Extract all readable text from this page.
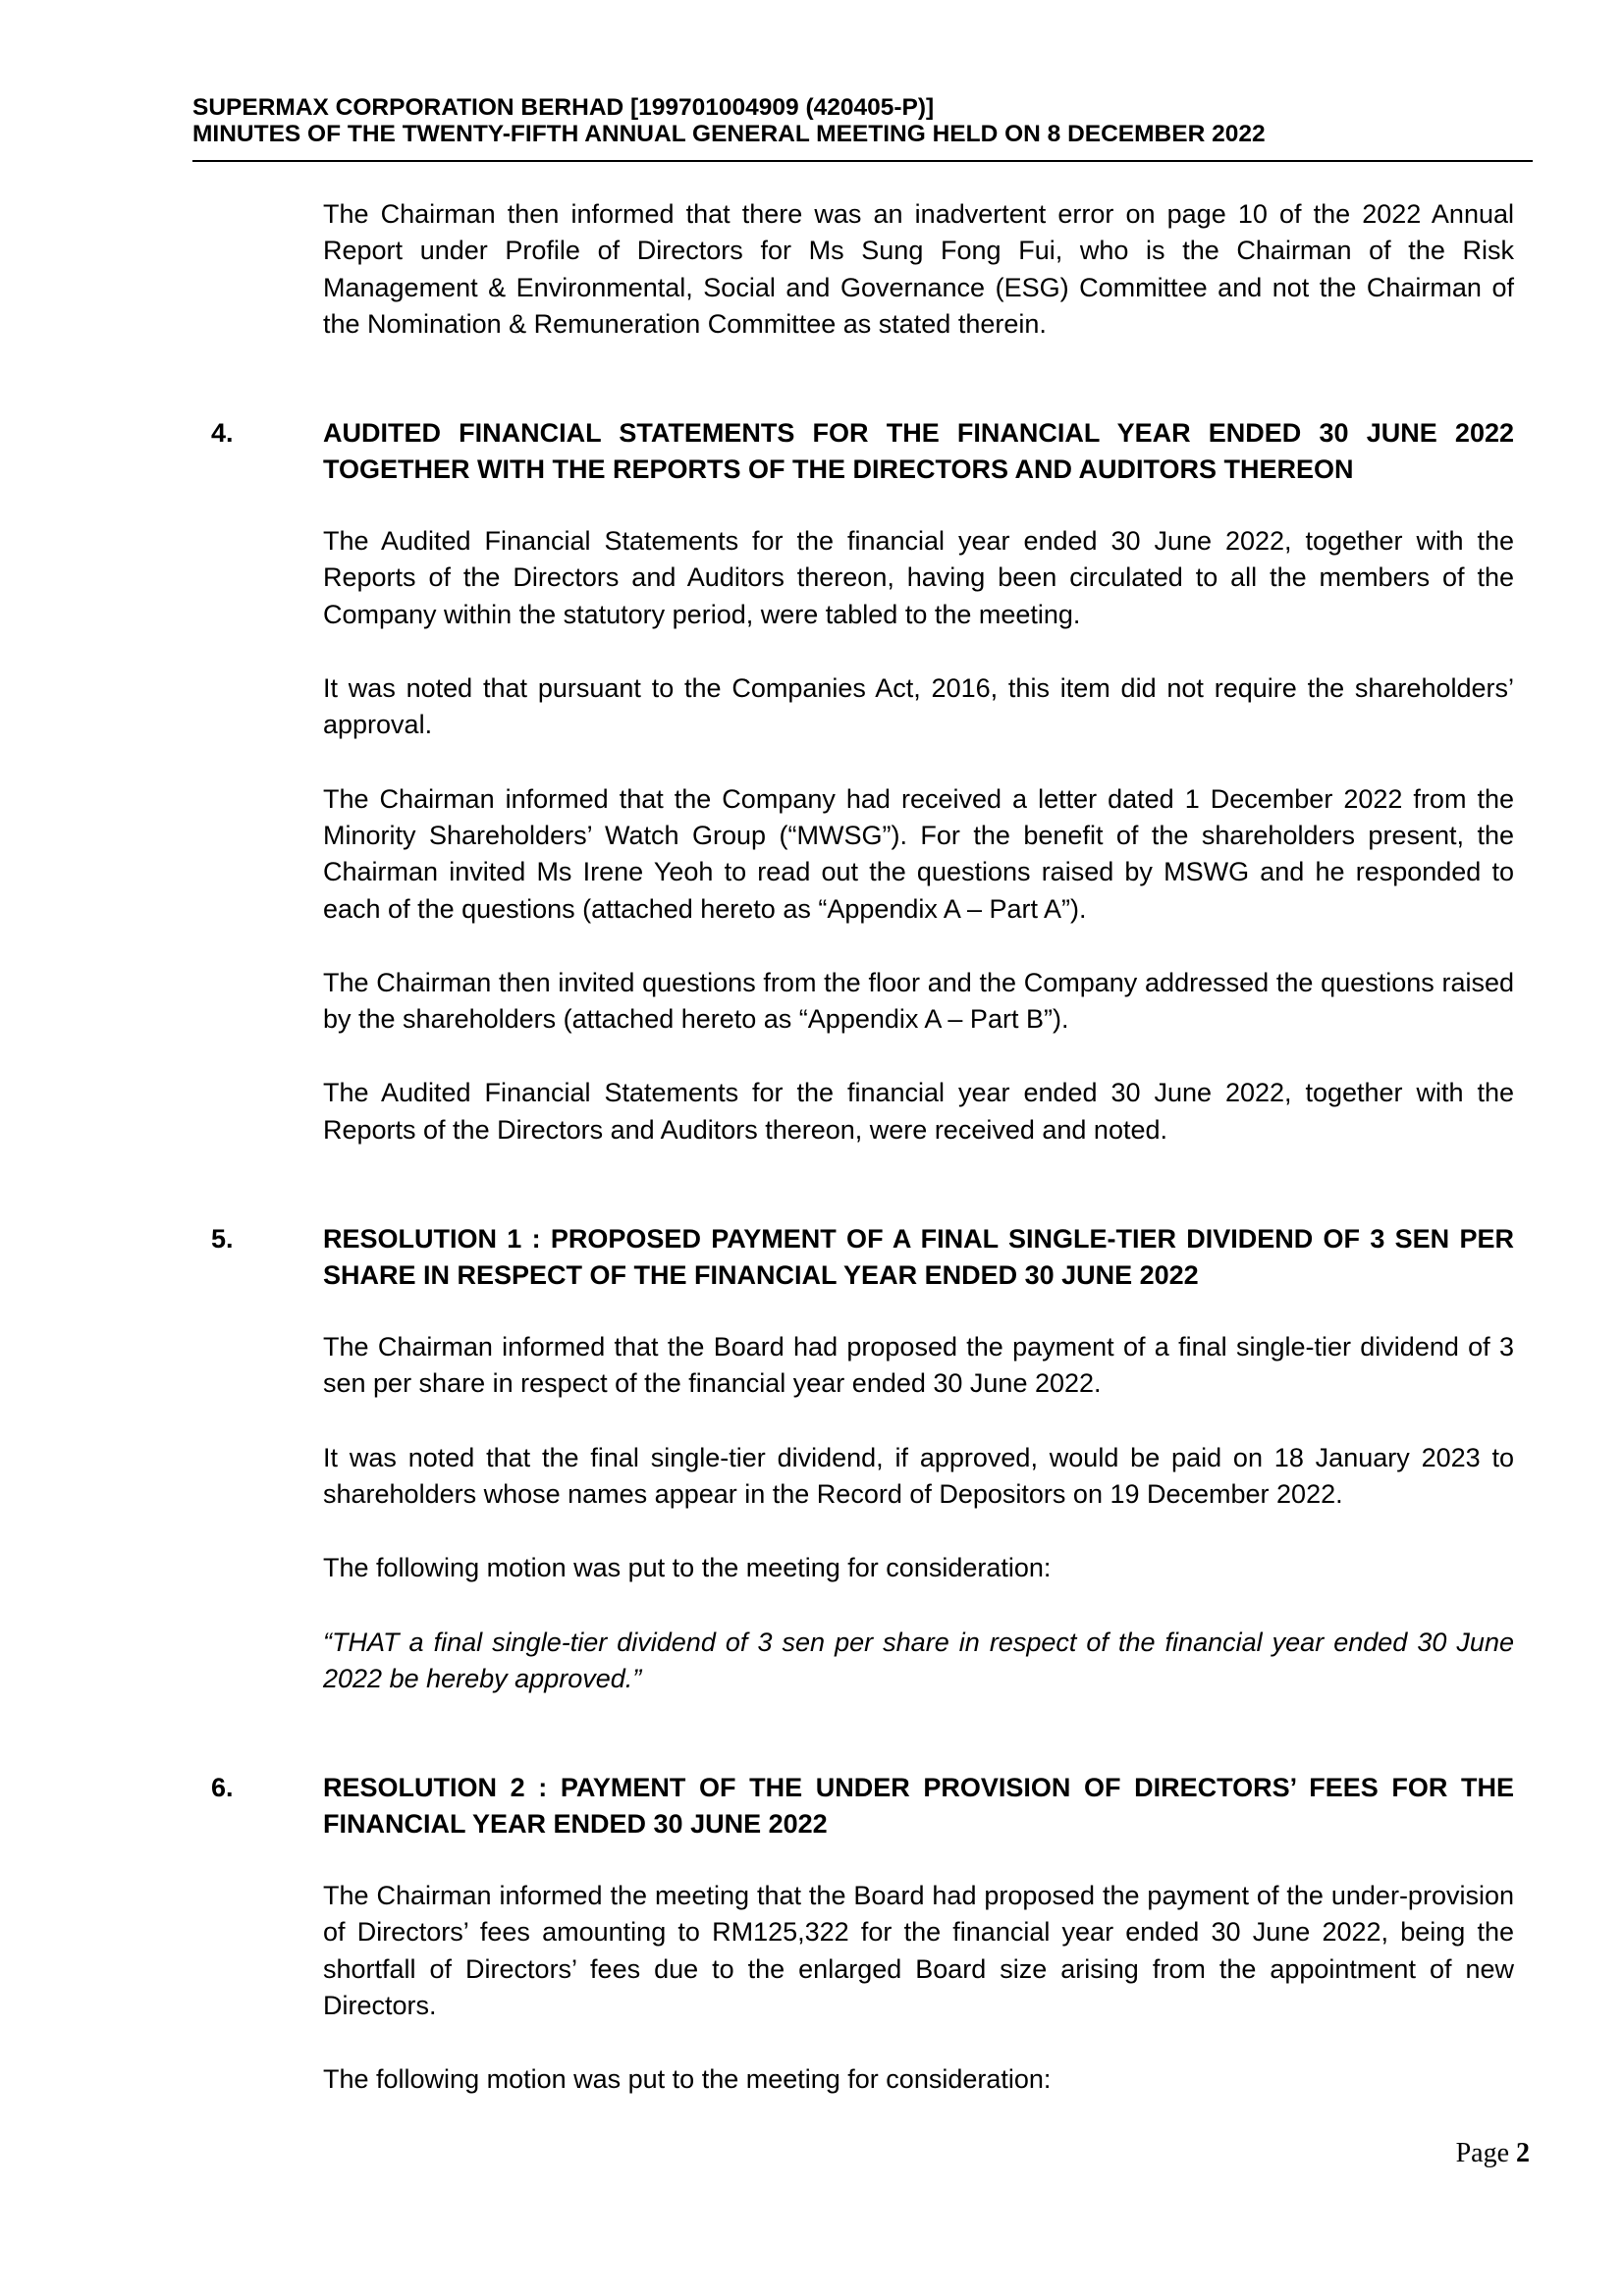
SUPERMAX CORPORATION BERHAD [199701004909 (420405-P)]
MINUTES OF THE TWENTY-FIFTH ANNUAL GENERAL MEETING HELD ON 8 DECEMBER 2022

The Chairman then informed that there was an inadvertent error on page 10 of the 2022 Annual Report under Profile of Directors for Ms Sung Fong Fui, who is the Chairman of the Risk Management & Environmental, Social and Governance (ESG) Committee and not the Chairman of the Nomination & Remuneration Committee as stated therein.

4.	AUDITED FINANCIAL STATEMENTS FOR THE FINANCIAL YEAR ENDED 30 JUNE 2022 TOGETHER WITH THE REPORTS OF THE DIRECTORS AND AUDITORS THEREON

The Audited Financial Statements for the financial year ended 30 June 2022, together with the Reports of the Directors and Auditors thereon, having been circulated to all the members of the Company within the statutory period, were tabled to the meeting.

It was noted that pursuant to the Companies Act, 2016, this item did not require the shareholders’ approval.

The Chairman informed that the Company had received a letter dated 1 December 2022 from the Minority Shareholders’ Watch Group (“MWSG”). For the benefit of the shareholders present, the Chairman invited Ms Irene Yeoh to read out the questions raised by MSWG and he responded to each of the questions (attached hereto as “Appendix A – Part A”).

The Chairman then invited questions from the floor and the Company addressed the questions raised by the shareholders (attached hereto as “Appendix A – Part B”).

The Audited Financial Statements for the financial year ended 30 June 2022, together with the Reports of the Directors and Auditors thereon, were received and noted.

5.	RESOLUTION 1 : PROPOSED PAYMENT OF A FINAL SINGLE-TIER DIVIDEND OF 3 SEN PER SHARE IN RESPECT OF THE FINANCIAL YEAR ENDED 30 JUNE 2022

The Chairman informed that the Board had proposed the payment of a final single-tier dividend of 3 sen per share in respect of the financial year ended 30 June 2022.

It was noted that the final single-tier dividend, if approved, would be paid on 18 January 2023 to shareholders whose names appear in the Record of Depositors on 19 December 2022.

The following motion was put to the meeting for consideration:

“THAT a final single-tier dividend of 3 sen per share in respect of the financial year ended 30 June 2022 be hereby approved.”

6.	RESOLUTION 2 : PAYMENT OF THE UNDER PROVISION OF DIRECTORS’ FEES FOR THE FINANCIAL YEAR ENDED 30 JUNE 2022

The Chairman informed the meeting that the Board had proposed the payment of the under-provision of Directors’ fees amounting to RM125,322 for the financial year ended 30 June 2022, being the shortfall of Directors’ fees due to the enlarged Board size arising from the appointment of new Directors.

The following motion was put to the meeting for consideration:

Page 2
